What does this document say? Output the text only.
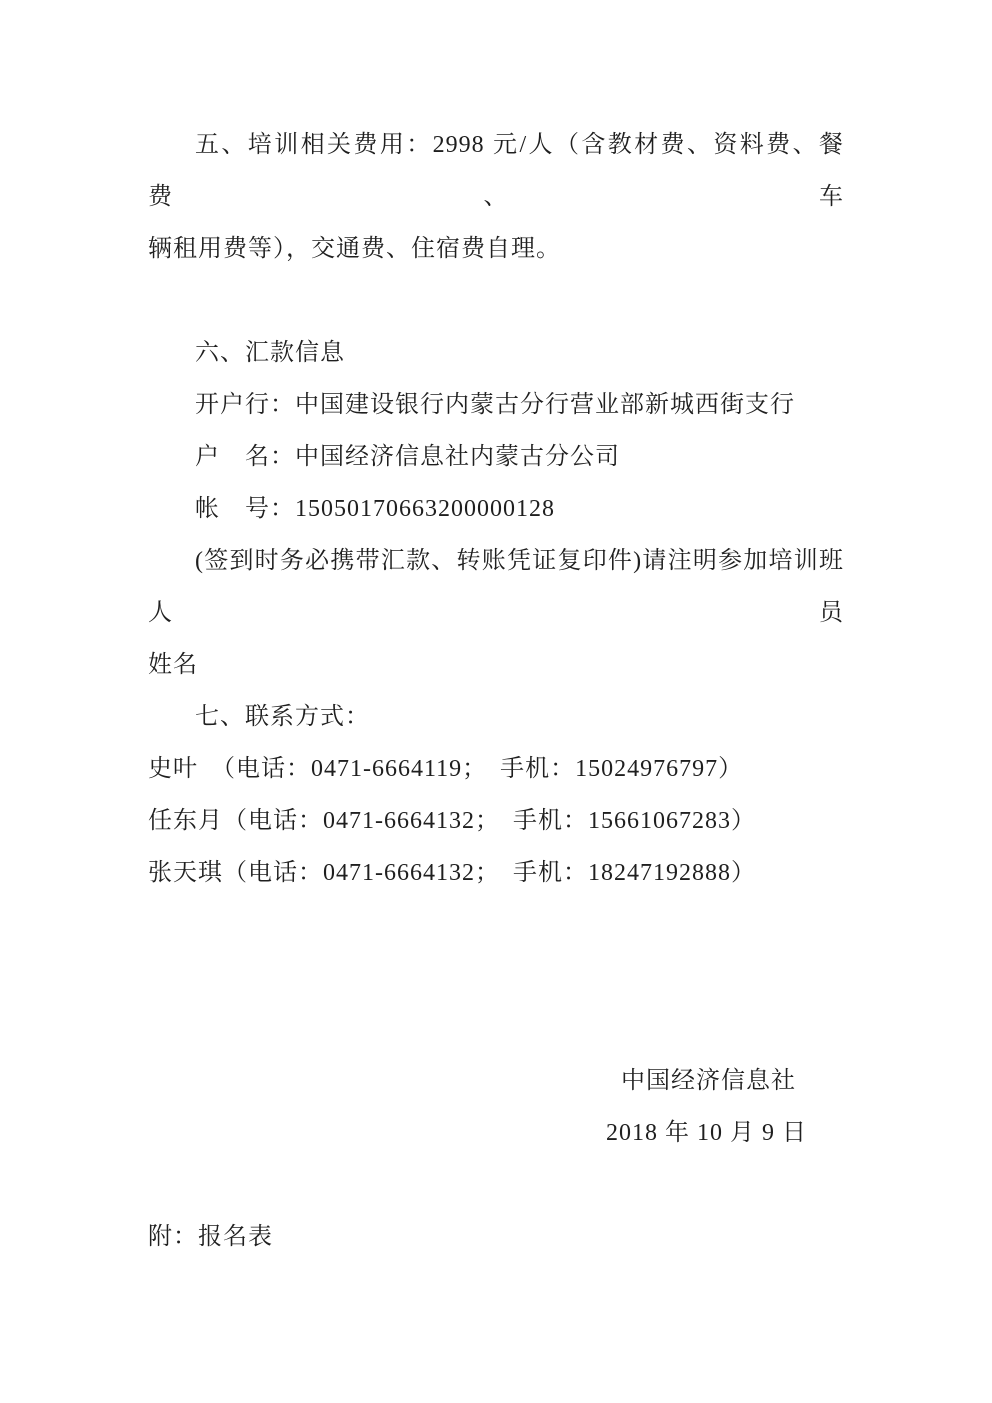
五、培训相关费用：2998 元/人（含教材费、资料费、餐费、车
辆租用费等），交通费、住宿费自理。
六、汇款信息
开户行：中国建设银行内蒙古分行营业部新城西街支行
户　名：中国经济信息社内蒙古分公司
帐　号：15050170663200000128
(签到时务必携带汇款、转账凭证复印件)请注明参加培训班人员
姓名
七、联系方式：
史叶　（电话：0471-6664119；　手机：15024976797）
任东月（电话：0471-6664132；　手机：15661067283）
张天琪（电话：0471-6664132；　手机：18247192888）
中国经济信息社
2018 年 10 月 9 日
附：报名表
